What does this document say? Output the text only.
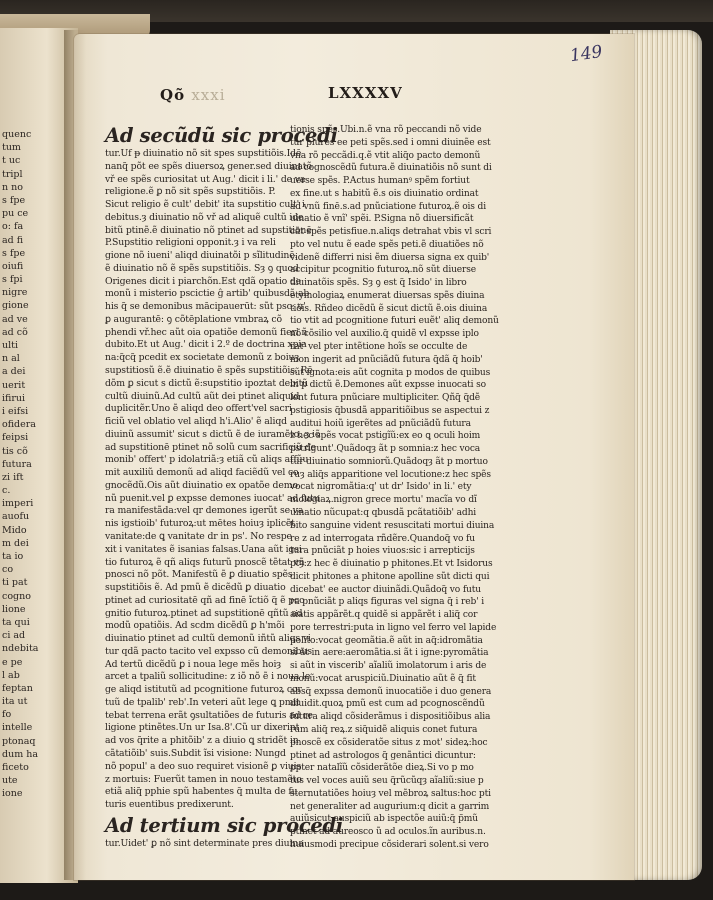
quenc
tum
t uc
tripl
n no
s fpe
pu ce
o: fa
ad fi
s fpe
oiufi
s fpi
nigre
gione
ad ve
ad cõ
ulti
n al
a dei
uerit
ifirui
i eifsi
ofidera
feipsi
tis cõ
futura
zi ift
c.
imperi
auofu
Mido
m dei
ta io
co
ti pat
cogno
lione
ta qui
ci ad
ndebita
e pe
l ab
feptan
ita ut
fo
intelle
ptonaq
dum ha
ficeto
ute
ione
149
Qõ xxxi	LXXXXV
Ad secũdũ sic procedi
tur.Uf ᵽ diuinatio nõ sit spes supstitiõis.Idē
nanq̃ põt ee spẽs diuersoꝝ gener.sed diuinatõ
vř ee spẽs curiositat ut Aug.' dicit i li.' de va
religione.ẽ ꝑ nõ sit spẽs supstitiõis. P.
Sicut religio ẽ cult' debit' ita supstitio cult' i
debitus.ȝ diuinatio nõ vř ad aliquẽ cultũ ide
bitũ ptinẽ.ẽ diuinatio nõ ptinet ad supstitionē
P.Supstitio religioni opponit.ȝ i va reli
gione nõ iueni' aliqd diuinatõi p sĩlitudinē.
ẽ diuinatio nõ ẽ spẽs supstitiõis. Sȝ ꝯ quod
Origenes dicit i piarchõn.Est qdã opatio de
monũ i misterio pscictie ĝ artib' quibusdã ab
his q̃ se demonibus mācipauerūt: sũt psc: u'
ꝑ augurantē: ꝯ cõtēplatione vmbraꝝ cõ
phendi vř.hec aũt oia opatiõe demonũ fieri ñ
dubito.Et ut Aug.' dicit i 2.º de doctrina xpia
na:q̃cq̃ pcedit ex societate demonũ z boiuȝ
supstitiosũ ẽ.ẽ diuinatio ẽ spẽs supstitiõis. Rē
dõm ꝑ sicut s dictũ ẽ:supstitio ipoztat debitũ
cultũ diuinũ.Ad cultũ aũt dei ptinet aliquid
duplicitẽr.Uno ẽ aliqd deo offert'vel sacri
ficiũ vel oblatio vel aliqd h'i.Alio' ẽ aliqd
diuinũ assumit' sicut s dictũ ẽ de iuramẽto. ȝ iõ
ad supstitionē ptinet nõ solũ cum sacrificiũ de
monib' offert' p idolatriã:ȝ etiã cũ aliqs affũu
mit auxiliũ demonũ ad aliqd faciẽdũ vel co
gnocẽdũ.Ois aũt diuinatio ex opatõe demo
nũ puenit.vel ꝑ expsse demones iuocat' ad futu
ra manifestãda:vel qr demones igerũt se va
nis igstioib' futuroꝝ:ut mētes hoiuȝ iplicẽt
vanitate:de ꝗ vanitate dr in ps'. No respe
xit i vanitates ẽ isanias falsas.Uana aũt igsi
tio futuroꝝ ẽ qñ aliqs futurũ pnoscẽ tẽtat vñ
pnosci nõ põt. Manifestũ ẽ ꝑ diuatio spẽs
supstitiõis ẽ. Ad pmũ ẽ dicẽdũ ꝑ diuatio
ptinet ad curiositatē qñ ad finē ĩctiõ q̃ ẽ pco
gnitio futuroꝝ.ptinet ad supstitionē qñtũ ad
modũ opatiõis. Ad scdm dicẽdũ ꝑ h'mõi
diuinatio ptinet ad cultũ demonũ iñtũ aliqs vi
tur qdã pacto tacito vel expsso cũ demonibus
Ad tertũ dicẽdũ ꝑ i noua lege mẽs hoiȝ
arcet a tpaliũ sollicitudine: z iõ nõ ẽ i noua le
ge aliqd istitutũ ad pcognitione futuroꝝ cor
tuũ de tpalib' reb'.In veteri aũt lege ꝗ pmit
tebat terrena erãt ꝯsultatiões de futuris ad re
ligione ptinẽtes.Un ur Isa.8'.Cũ ur dixerint
ad vos q̃rite a phitõib' z a diuio ꝗ stridẽt in
cãtatiõib' suis.Subdit ĩsi visione: Nungd
nõ popul' a deo suo requiret visionẽ ꝑ viuis
z mortuis: Fuerũt tamen in nouo testamẽto
etiã aliq̃ pphie spũ habentes q̃ multa de fu
turis euentibus predixerunt.
Ad tertium sic procedi
tur.Uidet' ꝑ nõ sint determinate pres diuina
tionis spẽs.Ubi.n.ẽ vna rõ peccandi nõ vide
tur plures ee peti spẽs.sed i omni diuinẽe est
vna rõ peccãdi.q.ẽ vtit aliq̃o pacto demonũ
ad cognoscẽdũ futura.ẽ diuinatiõis nõ sunt di
uerse spẽs. P.Actus humanꝰ spẽm fortiut
ex fine.ut s habitũ ẽ.s ois diuinatio ordinat
ad vnũ finē.s.ad pnũciatione futuroꝝ.ẽ ois di
uinatio ẽ vnĩ' spẽi. P.Signa nõ diuersificãt
cãt spẽs petisfiue.n.aliqs detrahat vbis vl scri
pto vel nutu ẽ eade spẽs peti.ẽ diuatiões nõ
videnẽ differri nisi ẽm diuersa signa ex quib'
accipitur pcognitio futuroꝝ.nõ sũt diuerse
diuinatõis spẽs. Sȝ ꝯ est q̃ Isido' in libro
etymologiaꝝ enumerat diuersas spẽs diuina
tiõis. Rñdeo dicẽdũ ẽ sicut dictũ ẽ.ois diuina
tio vtit ad pcognitione futuri euẽt' aliq demonũ
nõ cõsilio vel auxilio.q̃ quidẽ vl expsse iplo
rat' vel pter intẽtione hoĩs se occulte de
mon ingerit ad pnũciãdũ futura q̃dã q̃ hoib'
sũt ignota:eis aũt cognita p modos de quibus
in p dictũ ẽ.Demones aũt expsse inuocati so
lent futura pnũciare multipliciter. Qñq̃ q̃dẽ
pstigiosis q̃busdã apparitiõibus se aspectui z
auditui hoiũ igerẽtes ad pnũciãdũ futura
z hec spẽs vocat pstigĩũ:ex eo ꝗ oculi hoim
pstrĩgunt'.Quãdoqȝ ãt p somnia:z hec voca
tur diuinatio somniorũ.Quãdoqȝ ãt p mortuo
ruȝ aliq̃s apparitione vel locutione:z hec spẽs
vocat nigromãtia:q' ut dr' Isido' in li.' ety
mologiaꝝ.nigron grece mortu' macĩa vo dĩ
uinatio nũcupat:q qbusdã pcãtatiõib' adhi
bito sanguine vident resuscitati mortui diuina
re z ad interrogata rñdẽre.Quandoq̃ vo fu
tura pnũciãt p hoies viuos:sic i arrepticijs
ptȝ:z hec ẽ diuinatio p phitones.Et vt Isidorus
dicit phitones a phitone apolline sũt dicti qui
dicebat' ee auctor diuinãdi.Quãdoq̃ vo futu
ra pnũciãt p aliqs figuras vel signa q̃ i reb' i
aiatis appãrẽt.q quidẽ si appãrẽt i aliq̃ cor
pore terrestri:puta in ligno vel ferro vel lapide
polito:vocat geomãtia.ẽ aũt in aq̃:idromãtia
si ãt in aere:aeromãtia.si ãt i igne:pyromãtia
si aũt in viscerib' aĩaliũ imolatorum i aris de
monũ:vocat aruspiciũ.Diuinatio aũt ẽ q̃ fit
absq̃ expssa demonũ inuocatiõe i duo genera
diuidit.quoꝝ pmũ est cum ad pcognoscẽndũ
futura aliqd cõsiderãmus i dispositiõibus alia
rum aliq̃ reꝝ.z siq̃uidẽ aliquis conet futura
pnoscẽ ex cõsideratõe situs z mot' sideꝝ:hoc
ptinet ad astrologos q̃ genãntici dicuntur:
ꝑpter natalĩũ cõsiderãtõe dieꝝ.Si vo p mo
tus vel voces auiũ seu q̃rũcũqȝ aĩaliũ:siue p
sternutatiões hoiuȝ vel mẽbroꝝ saltus:hoc pti
net generaliter ad augurium:q dicit a garrim
auiũsicut auspiciũ ab ispectõe auiũ:q̃ p̃mũ
ptinet ad aureosco ũ ad oculos.ĩn auribus.n.
huiusmodi precipue cõsiderari solent.si vero
